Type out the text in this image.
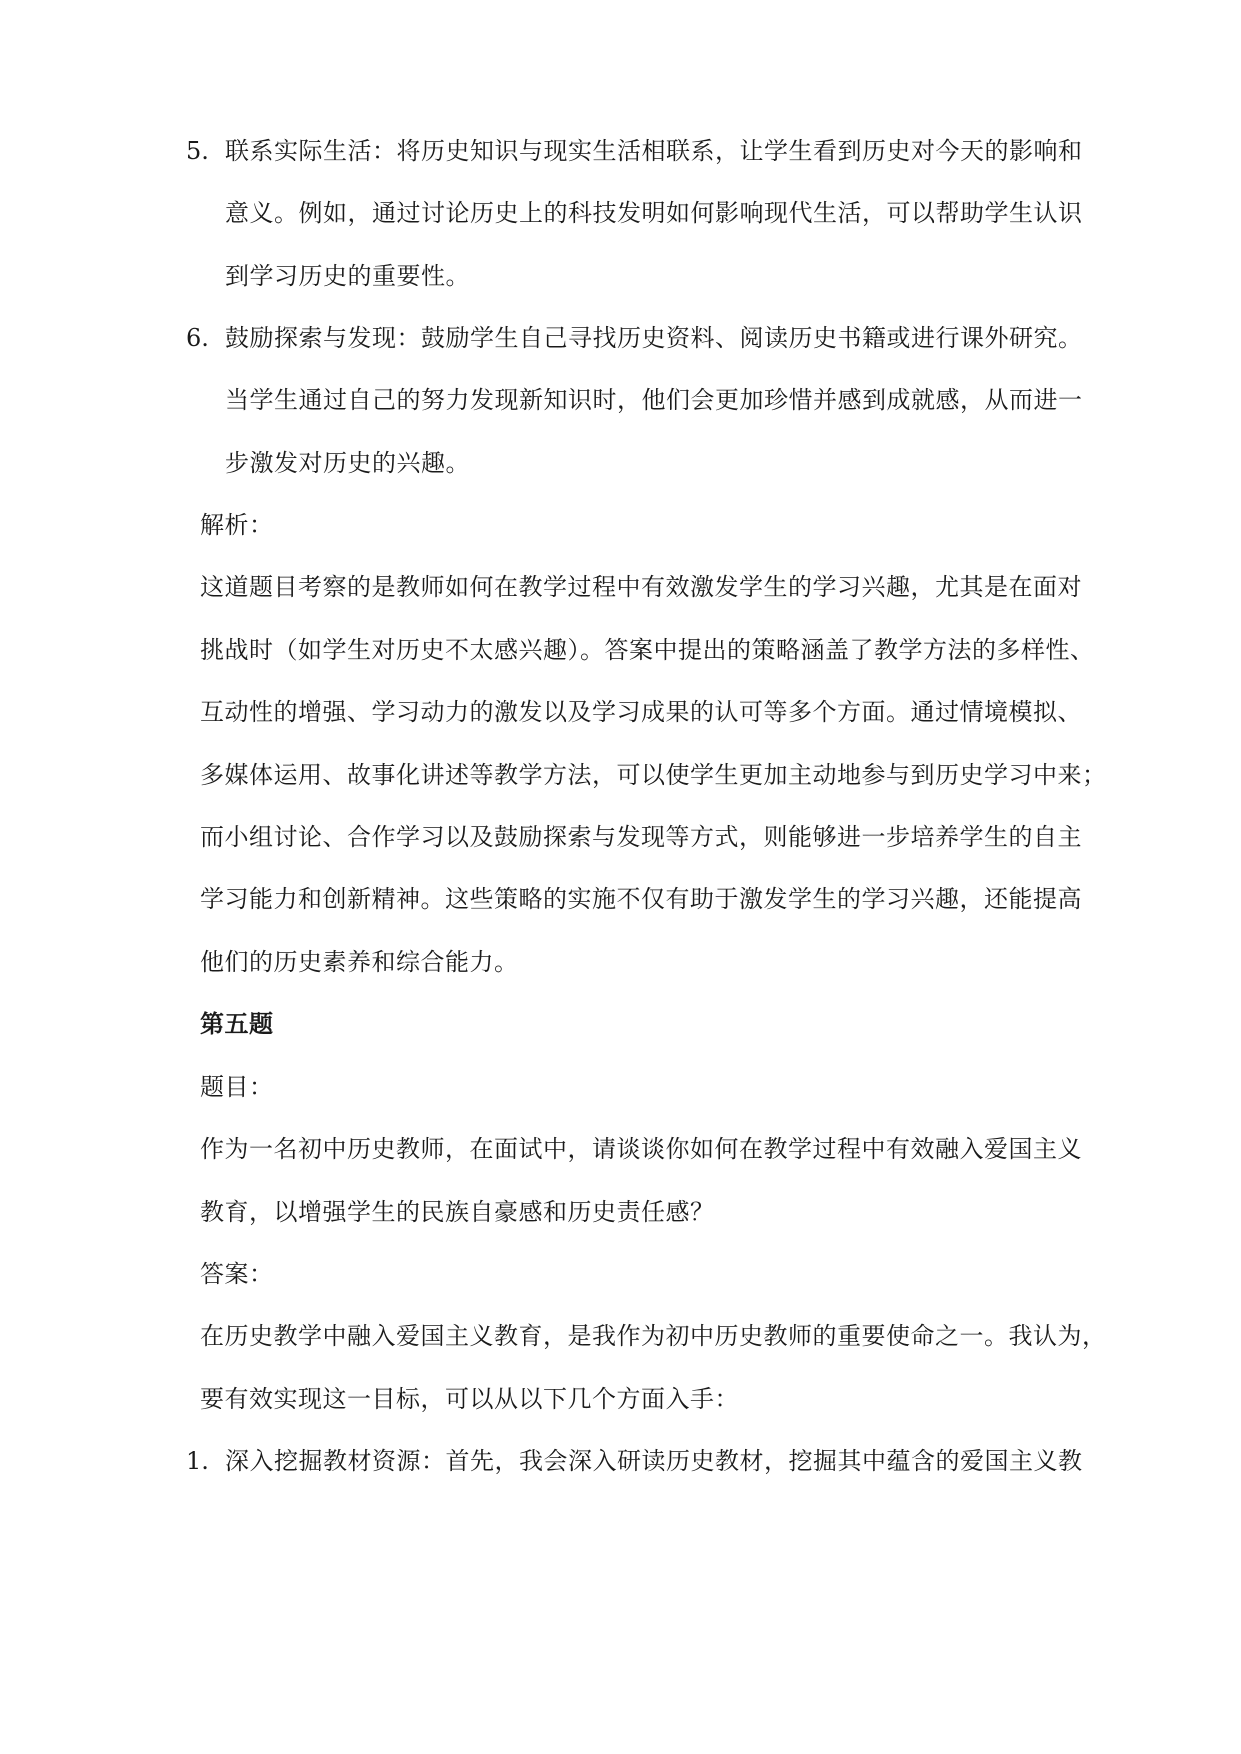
5. 联系实际生活：将历史知识与现实生活相联系，让学生看到历史对今天的影响和
意义。例如，通过讨论历史上的科技发明如何影响现代生活，可以帮助学生认识
到学习历史的重要性。
6. 鼓励探索与发现：鼓励学生自己寻找历史资料、阅读历史书籍或进行课外研究。
当学生通过自己的努力发现新知识时，他们会更加珍惜并感到成就感，从而进一
步激发对历史的兴趣。
解析：
这道题目考察的是教师如何在教学过程中有效激发学生的学习兴趣，尤其是在面对
挑战时（如学生对历史不太感兴趣）。答案中提出的策略涵盖了教学方法的多样性、
互动性的增强、学习动力的激发以及学习成果的认可等多个方面。通过情境模拟、
多媒体运用、故事化讲述等教学方法，可以使学生更加主动地参与到历史学习中来；
而小组讨论、合作学习以及鼓励探索与发现等方式，则能够进一步培养学生的自主
学习能力和创新精神。这些策略的实施不仅有助于激发学生的学习兴趣，还能提高
他们的历史素养和综合能力。
第五题
题目：
作为一名初中历史教师，在面试中，请谈谈你如何在教学过程中有效融入爱国主义
教育，以增强学生的民族自豪感和历史责任感？
答案：
在历史教学中融入爱国主义教育，是我作为初中历史教师的重要使命之一。我认为，
要有效实现这一目标，可以从以下几个方面入手：
1. 深入挖掘教材资源：首先，我会深入研读历史教材，挖掘其中蕴含的爱国主义教
